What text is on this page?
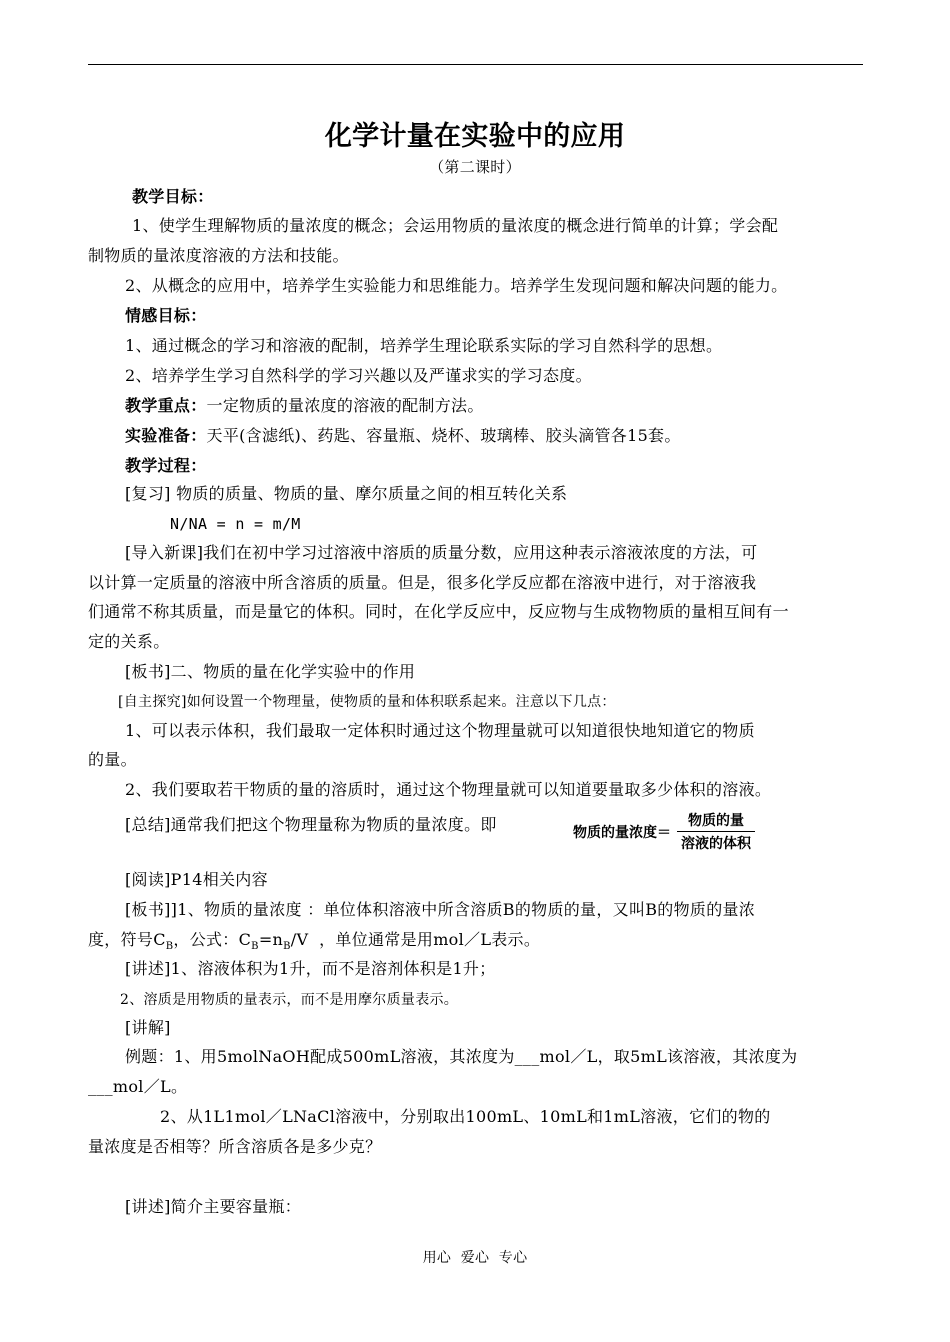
化学计量在实验中的应用
（第二课时）
教学目标：
1、使学生理解物质的量浓度的概念；会运用物质的量浓度的概念进行简单的计算；学会配
制物质的量浓度溶液的方法和技能。
2、从概念的应用中，培养学生实验能力和思维能力。培养学生发现问题和解决问题的能力。
情感目标：
1、通过概念的学习和溶液的配制，培养学生理论联系实际的学习自然科学的思想。
2、培养学生学习自然科学的学习兴趣以及严谨求实的学习态度。
教学重点：一定物质的量浓度的溶液的配制方法。
实验准备：天平(含滤纸)、药匙、容量瓶、烧杯、玻璃棒、胶头滴管各15套。
教学过程：
[复习] 物质的质量、物质的量、摩尔质量之间的相互转化关系
N/NA = n = m/M
[导入新课]我们在初中学习过溶液中溶质的质量分数，应用这种表示溶液浓度的方法，可
以计算一定质量的溶液中所含溶质的质量。但是，很多化学反应都在溶液中进行，对于溶液我
们通常不称其质量，而是量它的体积。同时，在化学反应中，反应物与生成物物质的量相互间有一
定的关系。
[板书]二、物质的量在化学实验中的作用
[自主探究]如何设置一个物理量，使物质的量和体积联系起来。注意以下几点：
1、可以表示体积，我们最取一定体积时通过这个物理量就可以知道很快地知道它的物质
的量。
2、我们要取若干物质的量的溶质时，通过这个物理量就可以知道要量取多少体积的溶液。
[总结]通常我们把这个物理量称为物质的量浓度。即	物质的量浓度＝ $\frac{\text{物质的量}}{\text{溶液的体积}}$
[阅读]P14相关内容
[板书]]1、物质的量浓度 ：单位体积溶液中所含溶质B的物质的量，又叫B的物质的量浓
度，符号$C_B$，公式：$C_B=n_B/V$  ，单位通常是用mol／L表示。
[讲述]1、溶液体积为1升，而不是溶剂体积是1升；
2、溶质是用物质的量表示，而不是用摩尔质量表示。
[讲解]
例题：1、用5molNaOH配成500mL溶液，其浓度为___mol／L，取5mL该溶液，其浓度为
___mol／L。
2、从1L1mol／LNaCl溶液中，分别取出100mL、10mL和1mL溶液，它们的物的
量浓度是否相等？所含溶质各是多少克？
[讲述]简介主要容量瓶：
用心  爱心  专心
